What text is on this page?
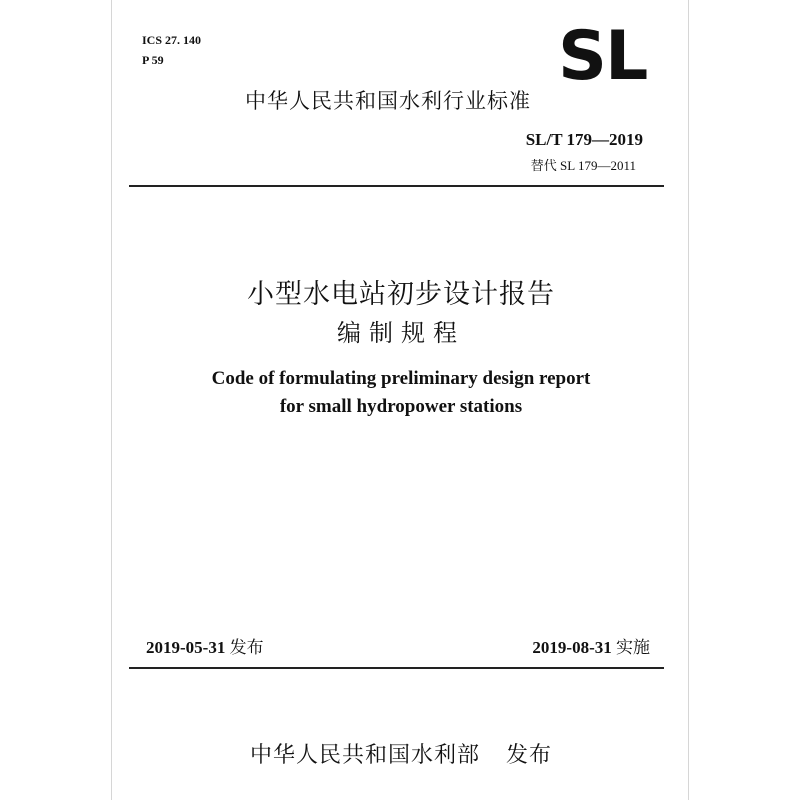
ICS 27. 140
P 59	SL
中华人民共和国水利行业标准
SL/T 179—2019
替代 SL 179—2011
小型水电站初步设计报告
编制规程
Code of formulating preliminary design report
for small hydropower stations
2019-05-31 发布	2019-08-31 实施
中华人民共和国水利部 发布
